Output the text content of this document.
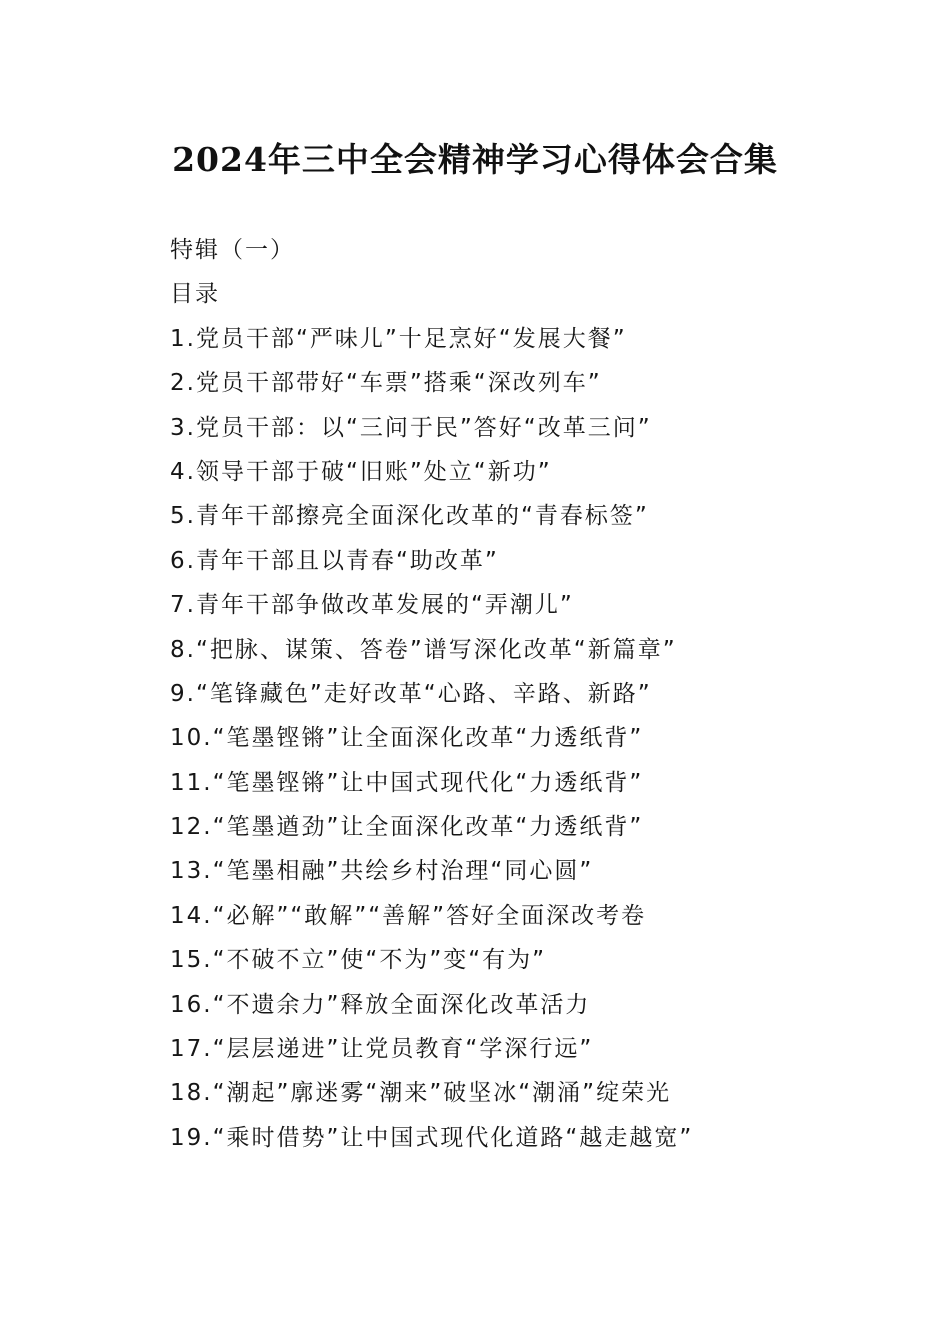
2024年三中全会精神学习心得体会合集
特辑（一）
目录
1.党员干部“严味儿”十足烹好“发展大餐”
2.党员干部带好“车票”搭乘“深改列车”
3.党员干部：以“三问于民”答好“改革三问”
4.领导干部于破“旧账”处立“新功”
5.青年干部擦亮全面深化改革的“青春标签”
6.青年干部且以青春“助改革”
7.青年干部争做改革发展的“弄潮儿”
8.“把脉、谋策、答卷”谱写深化改革“新篇章”
9.“笔锋藏色”走好改革“心路、辛路、新路”
10.“笔墨铿锵”让全面深化改革“力透纸背”
11.“笔墨铿锵”让中国式现代化“力透纸背”
12.“笔墨遒劲”让全面深化改革“力透纸背”
13.“笔墨相融”共绘乡村治理“同心圆”
14.“必解”“敢解”“善解”答好全面深改考卷
15.“不破不立”使“不为”变“有为”
16.“不遗余力”释放全面深化改革活力
17.“层层递进”让党员教育“学深行远”
18.“潮起”廓迷雾“潮来”破坚冰“潮涌”绽荣光
19.“乘时借势”让中国式现代化道路“越走越宽”
